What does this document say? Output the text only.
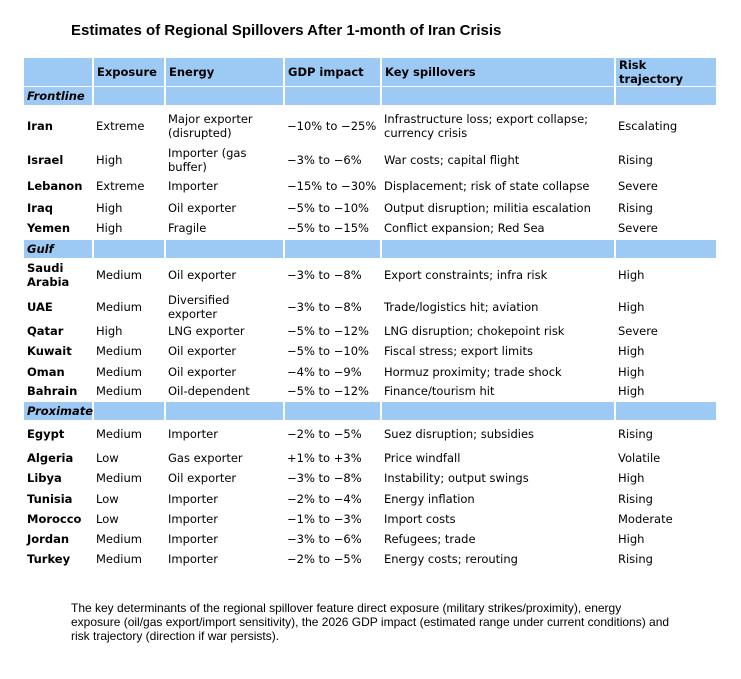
Estimates of Regional Spillovers After 1-month of Iran Crisis
	Exposure	Energy	GDP impact	Key spillovers	Risk trajectory
Frontline					
Iran	Extreme	Major exporter (disrupted)	−10% to −25%	Infrastructure loss; export collapse; currency crisis	Escalating
Israel	High	Importer (gas buffer)	−3% to −6%	War costs; capital flight	Rising
Lebanon	Extreme	Importer	−15% to −30%	Displacement; risk of state collapse	Severe
Iraq	High	Oil exporter	−5% to −10%	Output disruption; militia escalation	Rising
Yemen	High	Fragile	−5% to −15%	Conflict expansion; Red Sea	Severe
Gulf					
Saudi Arabia	Medium	Oil exporter	−3% to −8%	Export constraints; infra risk	High
UAE	Medium	Diversified exporter	−3% to −8%	Trade/logistics hit; aviation	High
Qatar	High	LNG exporter	−5% to −12%	LNG disruption; chokepoint risk	Severe
Kuwait	Medium	Oil exporter	−5% to −10%	Fiscal stress; export limits	High
Oman	Medium	Oil exporter	−4% to −9%	Hormuz proximity; trade shock	High
Bahrain	Medium	Oil-dependent	−5% to −12%	Finance/tourism hit	High
Proximate					
Egypt	Medium	Importer	−2% to −5%	Suez disruption; subsidies	Rising
Algeria	Low	Gas exporter	+1% to +3%	Price windfall	Volatile
Libya	Medium	Oil exporter	−3% to −8%	Instability; output swings	High
Tunisia	Low	Importer	−2% to −4%	Energy inflation	Rising
Morocco	Low	Importer	−1% to −3%	Import costs	Moderate
Jordan	Medium	Importer	−3% to −6%	Refugees; trade	High
Turkey	Medium	Importer	−2% to −5%	Energy costs; rerouting	Rising
The key determinants of the regional spillover feature direct exposure (military strikes/proximity), energy exposure (oil/gas export/import sensitivity), the 2026 GDP impact (estimated range under current conditions) and risk trajectory (direction if war persists).
